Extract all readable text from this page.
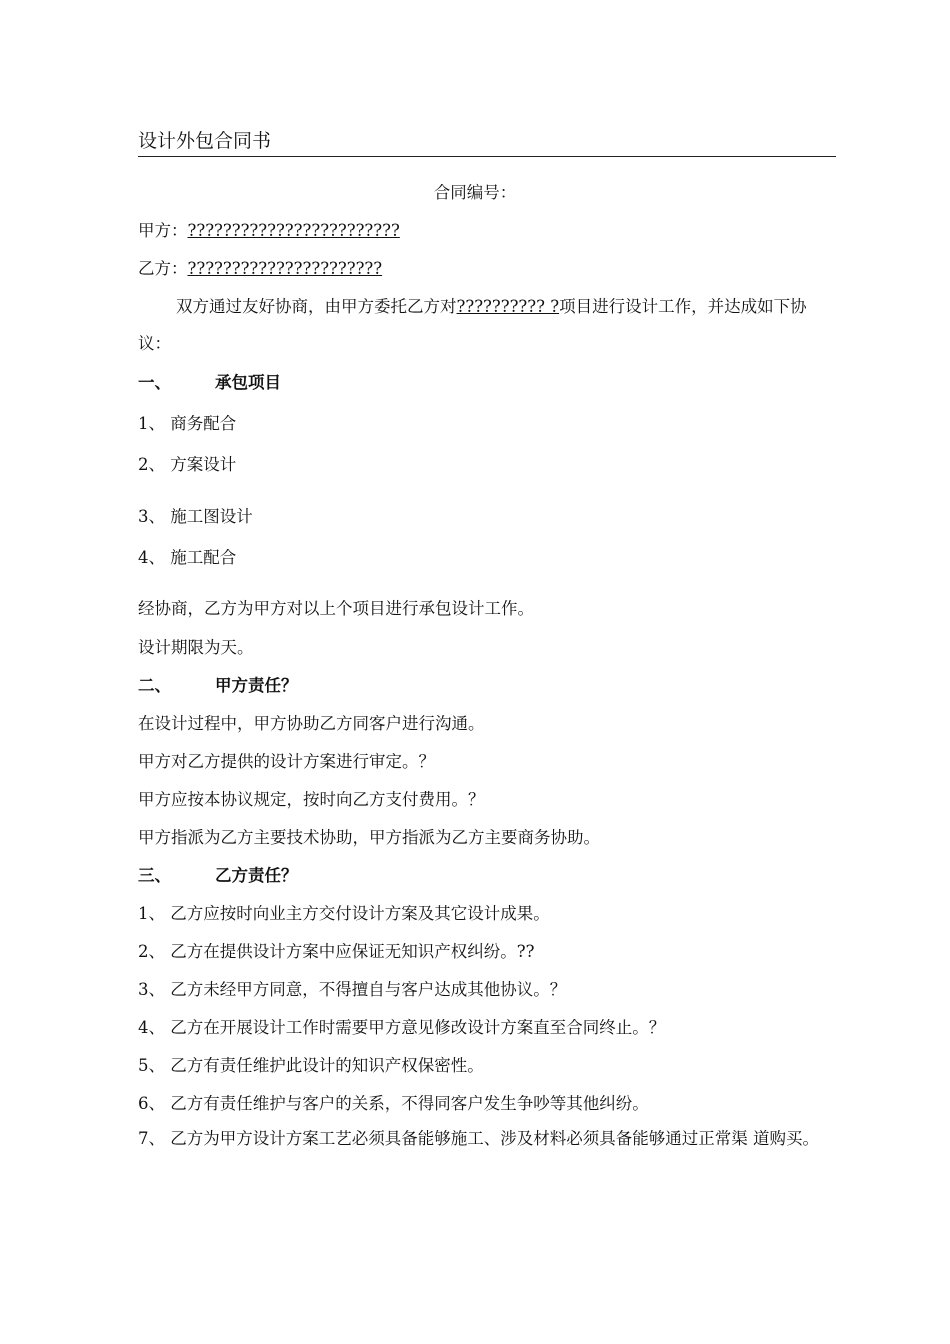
设计外包合同书
合同编号：
甲方：????????????????????????
乙方：??????????????????????
双方通过友好协商，由甲方委托乙方对?????????? ?项目进行设计工作，并达成如下协议：
一、	承包项目
1、 商务配合
2、 方案设计
3、 施工图设计
4、 施工配合
经协商，乙方为甲方对以上个项目进行承包设计工作。
设计期限为天。
二、	甲方责任？
在设计过程中，甲方协助乙方同客户进行沟通。
甲方对乙方提供的设计方案进行审定。？
甲方应按本协议规定，按时向乙方支付费用。？
甲方指派为乙方主要技术协助，甲方指派为乙方主要商务协助。
三、	乙方责任？
1、 乙方应按时向业主方交付设计方案及其它设计成果。
2、 乙方在提供设计方案中应保证无知识产权纠纷。??
3、 乙方未经甲方同意，不得擅自与客户达成其他协议。？
4、 乙方在开展设计工作时需要甲方意见修改设计方案直至合同终止。？
5、 乙方有责任维护此设计的知识产权保密性。
6、 乙方有责任维护与客户的关系，不得同客户发生争吵等其他纠纷。
7、 乙方为甲方设计方案工艺必须具备能够施工、涉及材料必须具备能够通过正常渠 道购买。
